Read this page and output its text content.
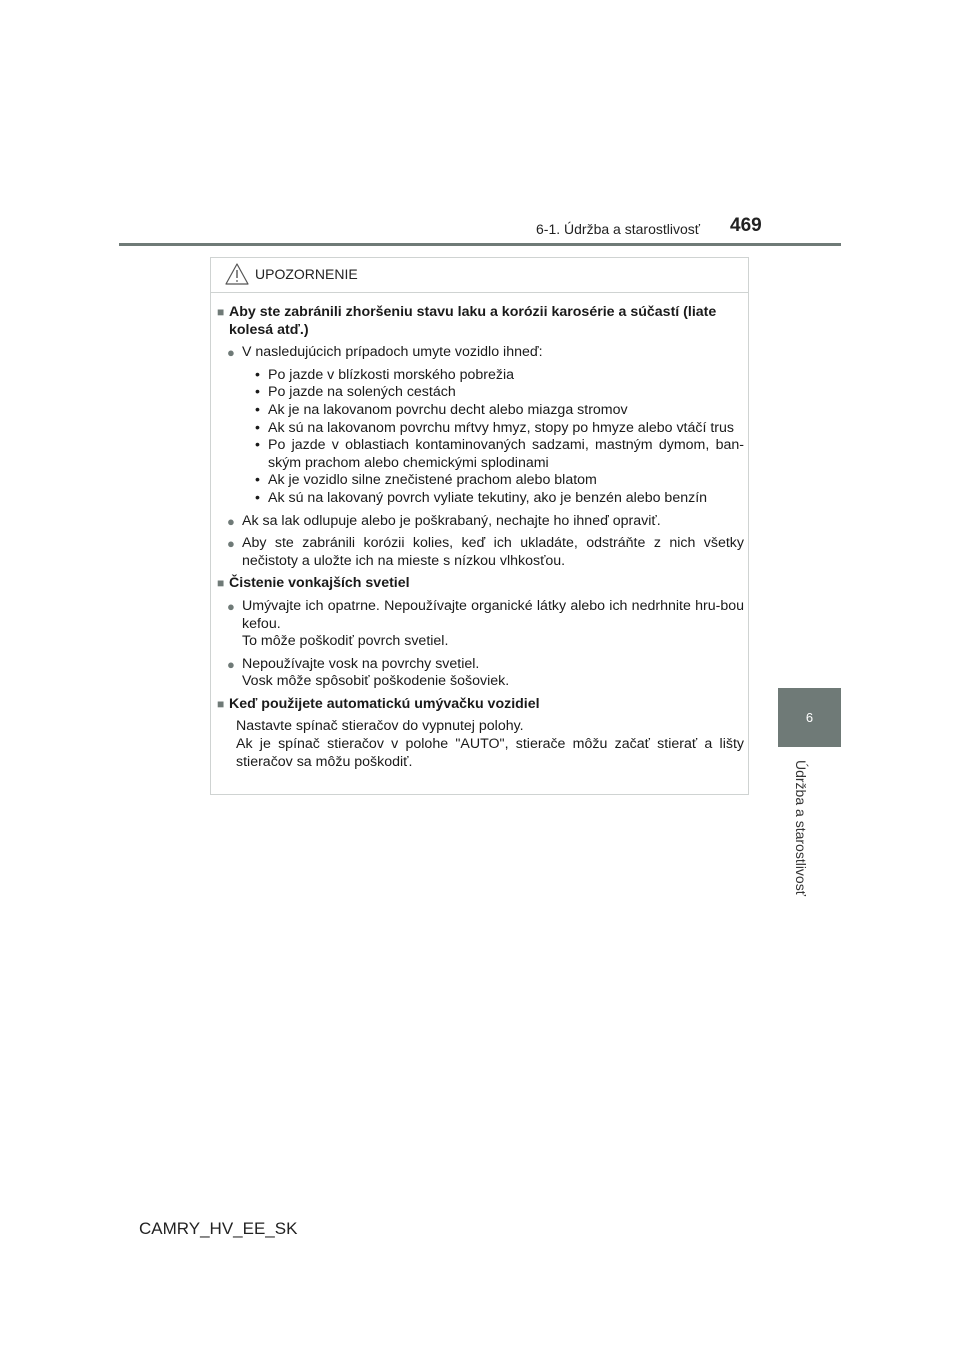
6-1. Údržba a starostlivosť 469
6
Údržba a starostlivosť
UPOZORNENIE
■ Aby ste zabránili zhoršeniu stavu laku a korózii karosérie a súčastí (liate kolesá atď.)
● V nasledujúcich prípadoch umyte vozidlo ihneď:
• Po jazde v blízkosti morského pobrežia
• Po jazde na solených cestách
• Ak je na lakovanom povrchu decht alebo miazga stromov
• Ak sú na lakovanom povrchu mŕtvy hmyz, stopy po hmyze alebo vtáčí trus
• Po jazde v oblastiach kontaminovaných sadzami, mastným dymom, ban-ským prachom alebo chemickými splodinami
• Ak je vozidlo silne znečistené prachom alebo blatom
• Ak sú na lakovaný povrch vyliate tekutiny, ako je benzén alebo benzín
● Ak sa lak odlupuje alebo je poškrabaný, nechajte ho ihneď opraviť.
● Aby ste zabránili korózii kolies, keď ich ukladáte, odstráňte z nich všetky nečistoty a uložte ich na mieste s nízkou vlhkosťou.
■ Čistenie vonkajších svetiel
● Umývajte ich opatrne. Nepoužívajte organické látky alebo ich nedrhnite hru-bou kefou.
To môže poškodiť povrch svetiel.
● Nepoužívajte vosk na povrchy svetiel.
Vosk môže spôsobiť poškodenie šošoviek.
■ Keď použijete automatickú umývačku vozidiel
Nastavte spínač stieračov do vypnutej polohy.
Ak je spínač stieračov v polohe "AUTO", stierače môžu začať stierať a lišty stieračov sa môžu poškodiť.
CAMRY_HV_EE_SK
